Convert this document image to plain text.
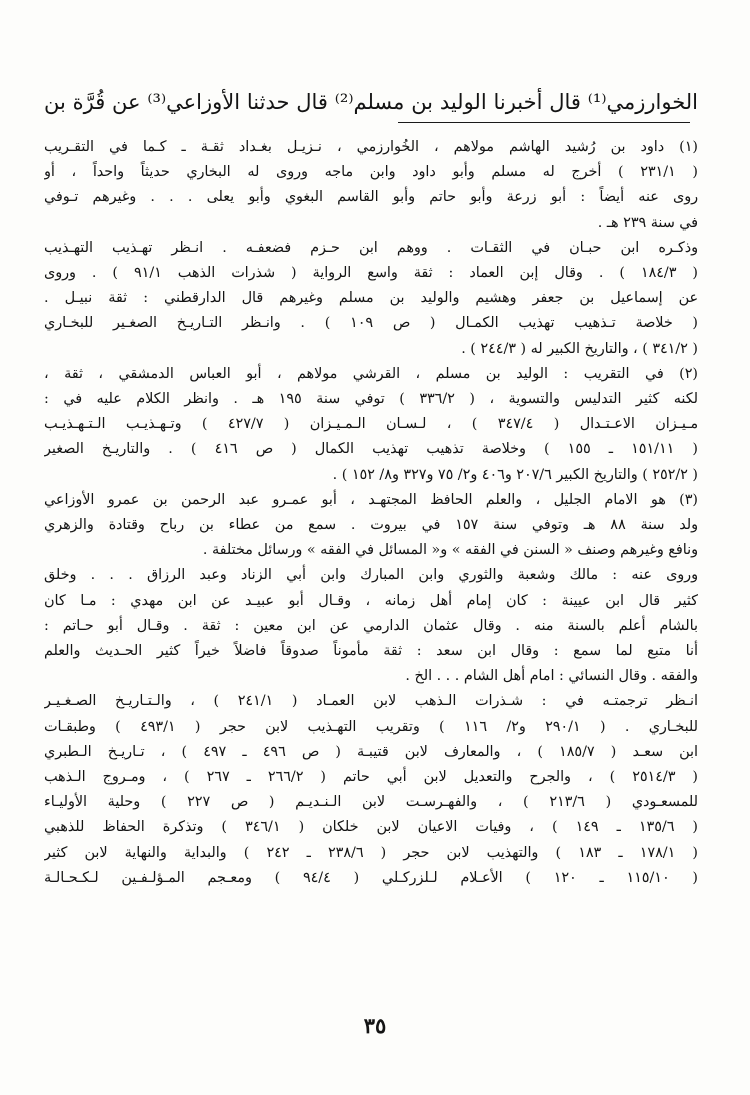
الخوارزمي⁽¹⁾ قال أخبرنا الوليد بن مسلم⁽²⁾ قال حدثنا الأوزاعي⁽³⁾ عن قُرَّة بن
(١) داود بن رُشيد الهاشم مولاهم ، الخُوارزمي ، نـزيـل بغـداد ثقـة ـ كـما في التقـريب
( ٢٣١/١ ) أخرج له مسلم وأبو داود وابن ماجه وروى له البخاري حديثاً واحداً ، أو
روى عنه أيضاً : أبو زرعة وأبو حاتم وأبو القاسم البغوي وأبو يعلى . . . وغيرهم تـوفي
في سنة ٢٣٩ هـ .
وذكـره ابن حبـان في الثقـات . ووهم ابن حـزم فضعفـه . انـظر تهـذيب التهـذيب
( ١٨٤/٣ ) . وقال إبن العماد : ثقة واسع الرواية ( شذرات الذهب ٩١/١ ) . وروى
عن إسماعيل بن جعفر وهشيم والوليد بن مسلم وغيرهم قال الدارقطني : ثقة نبيـل .
( خلاصة تـذهيب تهذيب الكمـال ( ص ١٠٩ ) . وانـظر التـاريـخ الصغـير للبخـاري
( ٣٤١/٢ ) ، والتاريخ الكبير له ( ٢٤٤/٣ ) .
(٢) في التقريب : الوليد بن مسلم ، القرشي مولاهم ، أبو العباس الدمشقي ، ثقة ،
لكنه كثير التدليس والتسوية ، ( ٣٣٦/٢ ) توفي سنة ١٩٥ هـ . وانظر الكلام عليه في :
مـيـزان الاعـتـدال ( ٣٤٧/٤ ) ، لـسـان الـمـيـزان ( ٤٢٧/٧ ) وتـهـذيـب الـتـهـذيـب
( ١٥١/١١ ـ ١٥٥ ) وخلاصة تذهيب تهذيب الكمال ( ص ٤١٦ ) . والتاريـخ الصغير
( ٢٥٢/٢ ) والتاريخ الكبير ٢٠٧/٦ و٤٠٦ و٢/ ٧٥ و٣٢٧ و٨/ ١٥٢ ) .
(٣) هو الامام الجليل ، والعلم الحافظ المجتهـد ، أبو عمـرو عبد الرحمن بن عمرو الأوزاعي
ولد سنة ٨٨ هـ وتوفي سنة ١٥٧ في بيروت . سمع من عطاء بن رباح وقتادة والزهري
ونافع وغيرهم وصنف « السنن في الفقه » و« المسائل في الفقه » ورسائل مختلفة .
وروى عنه : مالك وشعبة والثوري وابن المبارك وابن أبي الزناد وعبد الرزاق . . . وخلق
كثير قال ابن عيينة : كان إمام أهل زمانه ، وقـال أبو عبيـد عن ابن مهدي : مـا كان
بالشام أعلم بالسنة منه . وقال عثمان الدارمي عن ابن معين : ثقة . وقـال أبو حـاتم :
أنا متبع لما سمع : وقال ابن سعد : ثقة مأموناً صدوقاً فاضلاً خيراً كثير الحـديث والعلم
والفقه . وقال النسائي : امام أهل الشام . . . الخ .
انـظر ترجمتـه في : شـذرات الـذهب لابن العمـاد ( ٢٤١/١ ) ، والـتـاريـخ الصـغـيـر
للبخـاري . ( ٢٩٠/١ و٢/ ١١٦ ) وتقريب التهـذيب لابن حجر ( ٤٩٣/١ ) وطبقـات
ابن سعـد ( ١٨٥/٧ ) ، والمعارف لابن قتيبـة ( ص ٤٩٦ ـ ٤٩٧ ) ، تـاريـخ الـطبري
( ٢٥١٤/٣ ) ، والجرح والتعديل لابن أبي حاتم ( ٢٦٦/٢ ـ ٢٦٧ ) ، ومـروج الـذهب
للمسعـودي ( ٢١٣/٦ ) ، والفهـرسـت لابن الـنـديـم ( ص ٢٢٧ ) وحلية الأوليـاء
( ١٣٥/٦ ـ ١٤٩ ) ، وفيات الاعيان لابن خلكان ( ٣٤٦/١ ) وتذكرة الحفاظ للذهبي
( ١٧٨/١ ـ ١٨٣ ) والتهذيب لابن حجر ( ٢٣٨/٦ ـ ٢٤٢ ) والبداية والنهاية لابن كثير
( ١١٥/١٠ ـ ١٢٠ ) الأعـلام لـلزركـلي ( ٩٤/٤ ) ومعـجم المـؤلـفـين لـكـحـالـة
٣٥
